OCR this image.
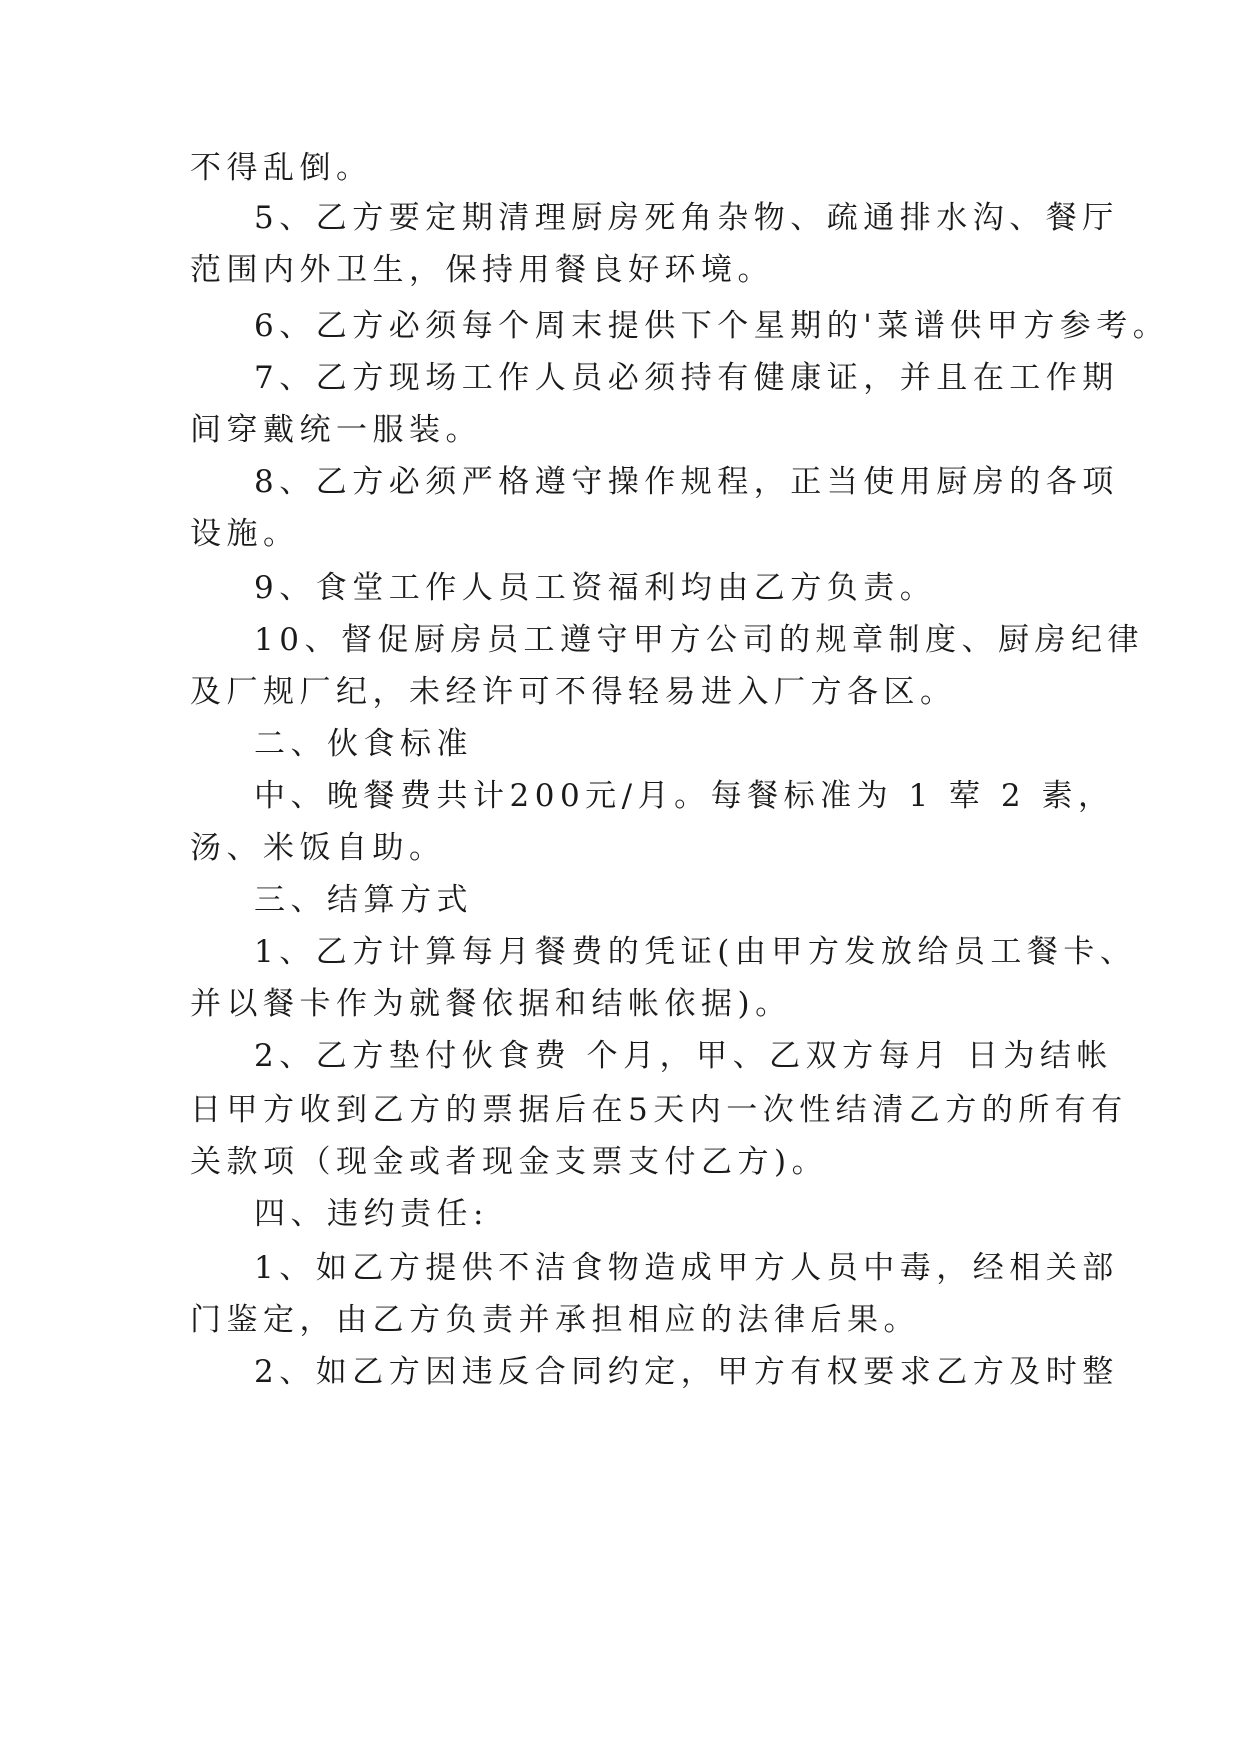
不得乱倒。

5、乙方要定期清理厨房死角杂物、疏通排水沟、餐厅

范围内外卫生，保持用餐良好环境。

6、乙方必须每个周末提供下个星期的'菜谱供甲方参考。

7、乙方现场工作人员必须持有健康证，并且在工作期

间穿戴统一服装。

8、乙方必须严格遵守操作规程，正当使用厨房的各项

设施。

9、食堂工作人员工资福利均由乙方负责。

10、督促厨房员工遵守甲方公司的规章制度、厨房纪律

及厂规厂纪，未经许可不得轻易进入厂方各区。

二、伙食标准

中、晚餐费共计200元/月。每餐标准为 1 荤 2 素，

汤、米饭自助。

三、结算方式

1、乙方计算每月餐费的凭证(由甲方发放给员工餐卡、

并以餐卡作为就餐依据和结帐依据)。

2、乙方垫付伙食费 个月，甲、乙双方每月 日为结帐

日甲方收到乙方的票据后在5天内一次性结清乙方的所有有

关款项（现金或者现金支票支付乙方)。

四、违约责任:

1、如乙方提供不洁食物造成甲方人员中毒，经相关部

门鉴定，由乙方负责并承担相应的法律后果。

2、如乙方因违反合同约定，甲方有权要求乙方及时整
